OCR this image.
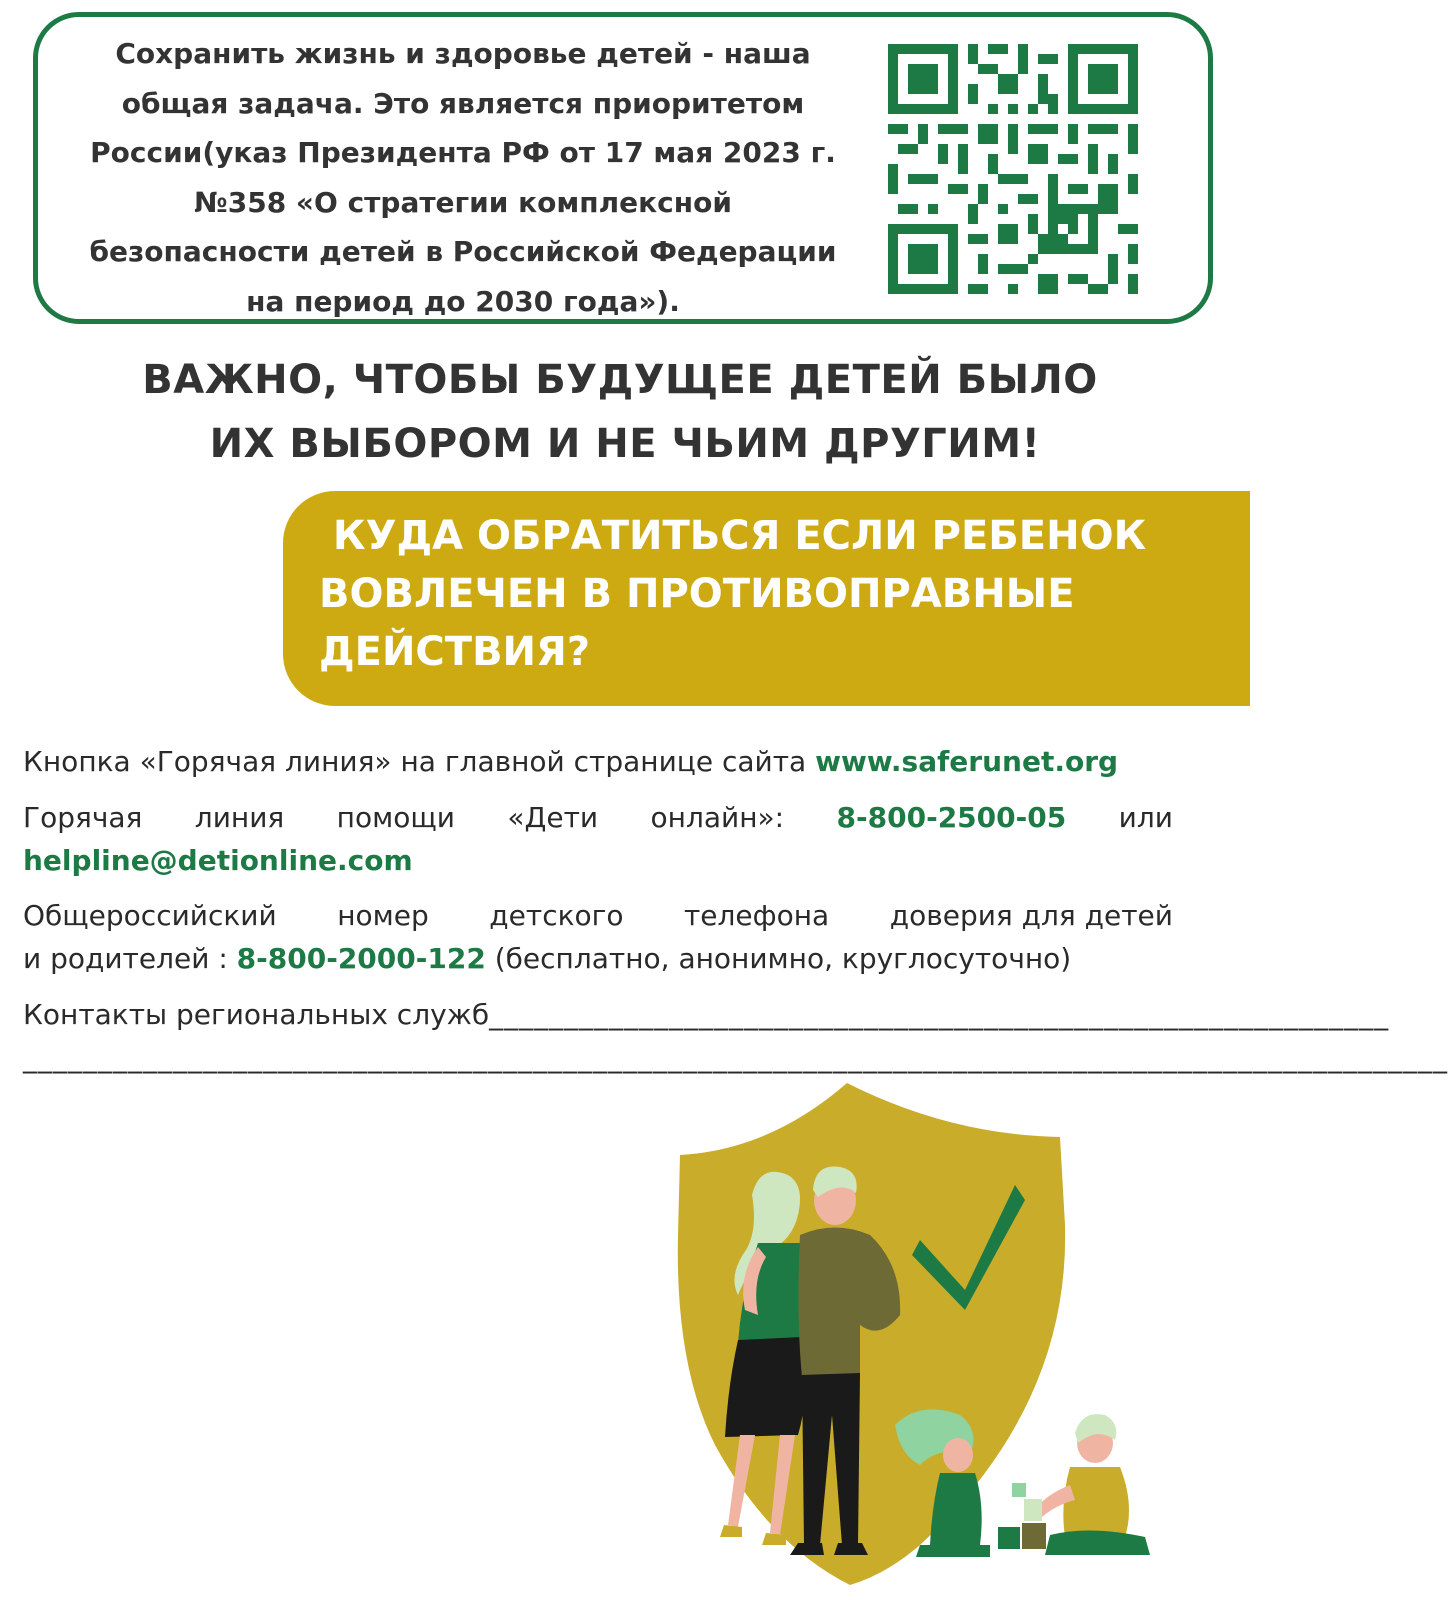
Сохранить жизнь и здоровье детей - наша
общая задача. Это является приоритетом
России(указ Президента РФ от 17 мая 2023 г.
№358 «О стратегии комплексной
безопасности детей в Российской Федерации
на период до 2030 года»).
ВАЖНО, ЧТОБЫ БУДУЩЕЕ ДЕТЕЙ БЫЛО
ИХ ВЫБОРОМ И НЕ ЧЬИМ ДРУГИМ!
КУДА ОБРАТИТЬСЯ ЕСЛИ РЕБЕНОК
ВОВЛЕЧЕН В ПРОТИВОПРАВНЫЕ
ДЕЙСТВИЯ?
Кнопка «Горячая линия» на главной странице сайта www.saferunet.org
Горячая линия помощи «Дети онлайн»: 8-800-2500-05 или
helpline@detionline.com
Общероссийский номер детского телефона доверия для детей
и родителей : 8-800-2000-122 (бесплатно, анонимно, круглосуточно)
Контакты региональных служб ____________________________________________________________
_______________________________________________________________________________________________
